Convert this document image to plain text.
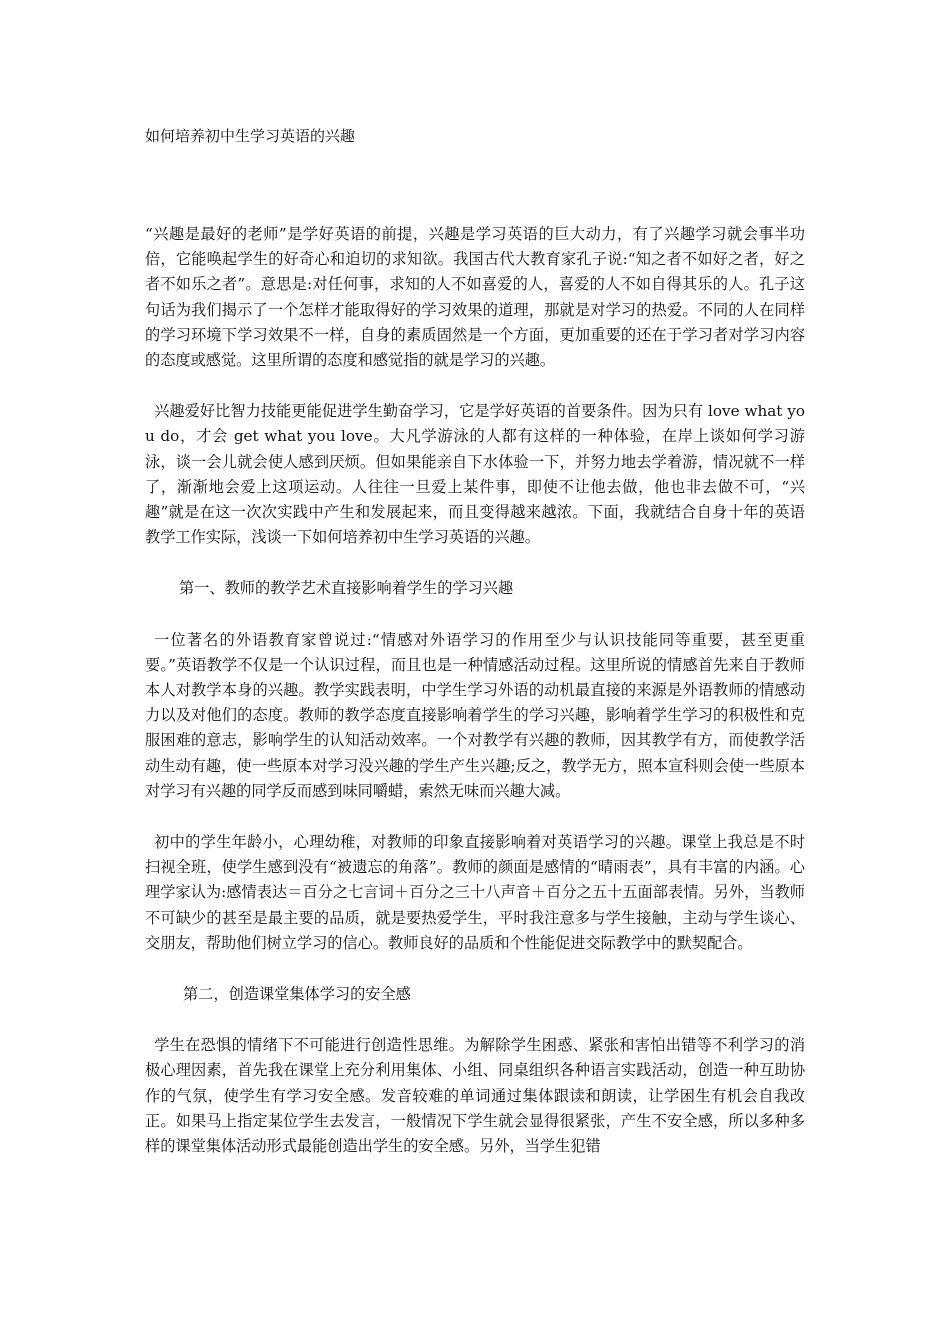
如何培养初中生学习英语的兴趣

“兴趣是最好的老师”是学好英语的前提，兴趣是学习英语的巨大动力，有了兴趣学习就会事半功倍，它能唤起学生的好奇心和迫切的求知欲。我国古代大教育家孔子说:“知之者不如好之者，好之者不如乐之者”。意思是:对任何事，求知的人不如喜爱的人，喜爱的人不如自得其乐的人。孔子这句话为我们揭示了一个怎样才能取得好的学习效果的道理，那就是对学习的热爱。不同的人在同样的学习环境下学习效果不一样，自身的素质固然是一个方面，更加重要的还在于学习者对学习内容的态度或感觉。这里所谓的态度和感觉指的就是学习的兴趣。

兴趣爱好比智力技能更能促进学生勤奋学习，它是学好英语的首要条件。因为只有 love what you do，才会 get what you love。大凡学游泳的人都有这样的一种体验，在岸上谈如何学习游泳，谈一会儿就会使人感到厌烦。但如果能亲自下水体验一下，并努力地去学着游，情况就不一样了，渐渐地会爱上这项运动。人往往一旦爱上某件事，即使不让他去做，他也非去做不可，“兴趣”就是在这一次次实践中产生和发展起来，而且变得越来越浓。下面，我就结合自身十年的英语教学工作实际，浅谈一下如何培养初中生学习英语的兴趣。

第一、教师的教学艺术直接影响着学生的学习兴趣

一位著名的外语教育家曾说过:“情感对外语学习的作用至少与认识技能同等重要，甚至更重要。”英语教学不仅是一个认识过程，而且也是一种情感活动过程。这里所说的情感首先来自于教师本人对教学本身的兴趣。教学实践表明，中学生学习外语的动机最直接的来源是外语教师的情感动力以及对他们的态度。教师的教学态度直接影响着学生的学习兴趣，影响着学生学习的积极性和克服困难的意志，影响学生的认知活动效率。一个对教学有兴趣的教师，因其教学有方，而使教学活动生动有趣，使一些原本对学习没兴趣的学生产生兴趣;反之，教学无方，照本宣科则会使一些原本对学习有兴趣的同学反而感到味同嚼蜡，索然无味而兴趣大减。

初中的学生年龄小，心理幼稚，对教师的印象直接影响着对英语学习的兴趣。课堂上我总是不时扫视全班，使学生感到没有“被遗忘的角落”。教师的颜面是感情的“晴雨表”，具有丰富的内涵。心理学家认为:感情表达＝百分之七言词＋百分之三十八声音＋百分之五十五面部表情。另外，当教师不可缺少的甚至是最主要的品质，就是要热爱学生，平时我注意多与学生接触，主动与学生谈心、交朋友，帮助他们树立学习的信心。教师良好的品质和个性能促进交际教学中的默契配合。

第二，创造课堂集体学习的安全感

学生在恐惧的情绪下不可能进行创造性思维。为解除学生困惑、紧张和害怕出错等不利学习的消极心理因素，首先我在课堂上充分利用集体、小组、同桌组织各种语言实践活动，创造一种互助协作的气氛，使学生有学习安全感。发音较难的单词通过集体跟读和朗读，让学困生有机会自我改正。如果马上指定某位学生去发言，一般情况下学生就会显得很紧张，产生不安全感，所以多种多样的课堂集体活动形式最能创造出学生的安全感。另外，当学生犯错
